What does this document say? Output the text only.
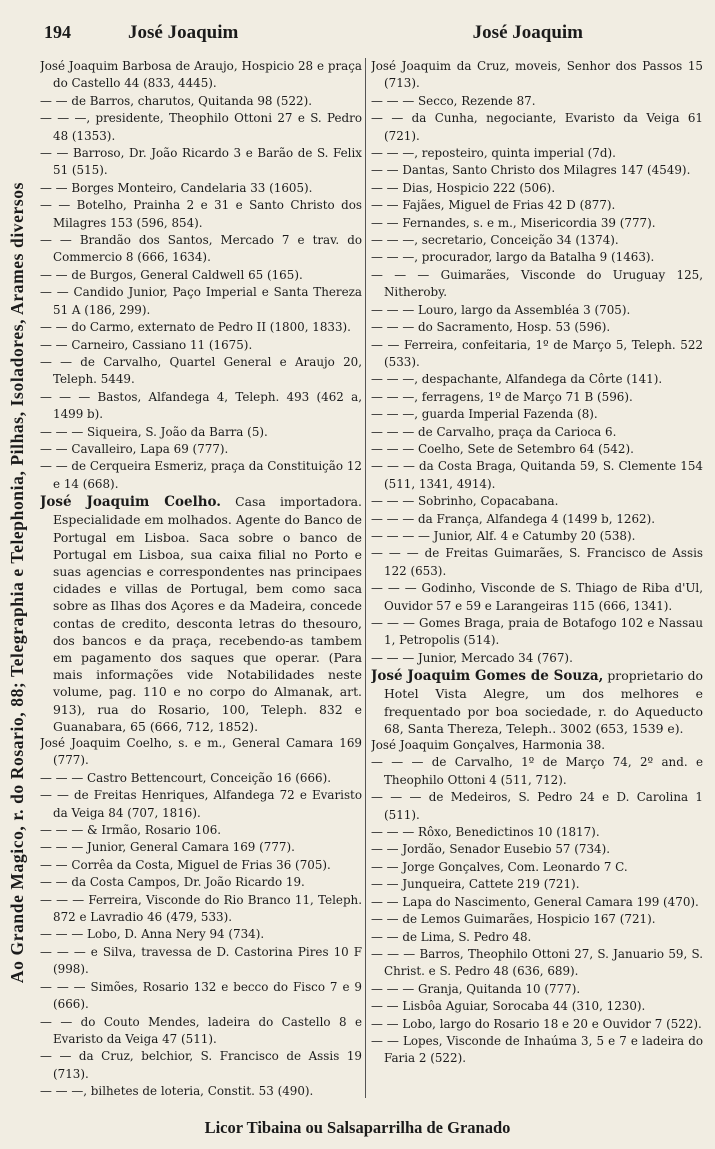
Ao Grande Magico, r. do Rosario, 88; Telegraphia e Telephonia, Pilhas, Isoladores, Arames diversos
194	José Joaquim	José Joaquim

José Joaquim Barbosa de Araujo, Hospicio 28 e praça do Castello 44 (833, 4445).

— — de Barros, charutos, Quitanda 98 (522).

— — —, presidente, Theophilo Ottoni 27 e S. Pedro 48 (1353).

— — Barroso, Dr. João Ricardo 3 e Barão de S. Felix 51 (515).

— — Borges Monteiro, Candelaria 33 (1605).

— — Botelho, Prainha 2 e 31 e Santo Christo dos Milagres 153 (596, 854).

— — Brandão dos Santos, Mercado 7 e trav. do Commercio 8 (666, 1634).

— — de Burgos, General Caldwell 65 (165).

— — Candido Junior, Paço Imperial e Santa Thereza 51 A (186, 299).

— — do Carmo, externato de Pedro II (1800, 1833).

— — Carneiro, Cassiano 11 (1675).

— — de Carvalho, Quartel General e Araujo 20, Teleph. 5449.

— — — Bastos, Alfandega 4, Teleph. 493 (462 a, 1499 b).

— — — Siqueira, S. João da Barra (5).

— — Cavalleiro, Lapa 69 (777).

— — de Cerqueira Esmeriz, praça da Constituição 12 e 14 (668).

José Joaquim Coelho. Casa importadora. Especialidade em molhados. Agente do Banco de Portugal em Lisboa. Saca sobre o banco de Portugal em Lisboa, sua caixa filial no Porto e suas agencias e correspondentes nas principaes cidades e villas de Portugal, bem como saca sobre as Ilhas dos Açores e da Madeira, concede contas de credito, desconta letras do thesouro, dos bancos e da praça, recebendo-as tambem em pagamento dos saques que operar. (Para mais informações vide Notabilidades neste volume, pag. 110 e no corpo do Almanak, art. 913), rua do Rosario, 100, Teleph. 832 e Guanabara, 65 (666, 712, 1852).

José Joaquim Coelho, s. e m., General Camara 169 (777).

— — — Castro Bettencourt, Conceição 16 (666).

— — de Freitas Henriques, Alfandega 72 e Evaristo da Veiga 84 (707, 1816).

— — — & Irmão, Rosario 106.

— — — Junior, General Camara 169 (777).

— — Corrêa da Costa, Miguel de Frias 36 (705).

— — da Costa Campos, Dr. João Ricardo 19.

— — — Ferreira, Visconde do Rio Branco 11, Teleph. 872 e Lavradio 46 (479, 533).

— — — Lobo, D. Anna Nery 94 (734).

— — — e Silva, travessa de D. Castorina Pires 10 F (998).

— — — Simões, Rosario 132 e becco do Fisco 7 e 9 (666).

— — do Couto Mendes, ladeira do Castello 8 e Evaristo da Veiga 47 (511).

— — da Cruz, belchior, S. Francisco de Assis 19 (713).

— — —, bilhetes de loteria, Constit. 53 (490).

José Joaquim da Cruz, moveis, Senhor dos Passos 15 (713).

— — — Secco, Rezende 87.

— — da Cunha, negociante, Evaristo da Veiga 61 (721).

— — —, reposteiro, quinta imperial (7d).

— — Dantas, Santo Christo dos Milagres 147 (4549).

— — Dias, Hospicio 222 (506).

— — Fajães, Miguel de Frias 42 D (877).

— — Fernandes, s. e m., Misericordia 39 (777).

— — —, secretario, Conceição 34 (1374).

— — —, procurador, largo da Batalha 9 (1463).

— — — Guimarães, Visconde do Uruguay 125, Nitheroby.

— — — Louro, largo da Assembléa 3 (705).

— — — do Sacramento, Hosp. 53 (596).

— — Ferreira, confeitaria, 1º de Março 5, Teleph. 522 (533).

— — —, despachante, Alfandega da Côrte (141).

— — —, ferragens, 1º de Março 71 B (596).

— — —, guarda Imperial Fazenda (8).

— — — de Carvalho, praça da Carioca 6.

— — — Coelho, Sete de Setembro 64 (542).

— — — da Costa Braga, Quitanda 59, S. Clemente 154 (511, 1341, 4914).

— — — Sobrinho, Copacabana.

— — — da França, Alfandega 4 (1499 b, 1262).

— — — — Junior, Alf. 4 e Catumby 20 (538).

— — — de Freitas Guimarães, S. Francisco de Assis 122 (653).

— — — Godinho, Visconde de S. Thiago de Riba d'Ul, Ouvidor 57 e 59 e Larangeiras 115 (666, 1341).

— — — Gomes Braga, praia de Botafogo 102 e Nassau 1, Petropolis (514).

— — — Junior, Mercado 34 (767).

José Joaquim Gomes de Souza, proprietario do Hotel Vista Alegre, um dos melhores e frequentado por boa sociedade, r. do Aqueducto 68, Santa Thereza, Teleph.. 3002 (653, 1539 e).

José Joaquim Gonçalves, Harmonia 38.

— — — de Carvalho, 1º de Março 74, 2º and. e Theophilo Ottoni 4 (511, 712).

— — — de Medeiros, S. Pedro 24 e D. Carolina 1 (511).

— — — Rôxo, Benedictinos 10 (1817).

— — Jordão, Senador Eusebio 57 (734).

— — Jorge Gonçalves, Com. Leonardo 7 C.

— — Junqueira, Cattete 219 (721).

— — Lapa do Nascimento, General Camara 199 (470).

— — de Lemos Guimarães, Hospicio 167 (721).

— — de Lima, S. Pedro 48.

— — — Barros, Theophilo Ottoni 27, S. Januario 59, S. Christ. e S. Pedro 48 (636, 689).

— — — Granja, Quitanda 10 (777).

— — Lisbôa Aguiar, Sorocaba 44 (310, 1230).

— — Lobo, largo do Rosario 18 e 20 e Ouvidor 7 (522).

— — Lopes, Visconde de Inhaúma 3, 5 e 7 e ladeira do Faria 2 (522).

Licor Tibaina ou Salsaparrilha de Granado
